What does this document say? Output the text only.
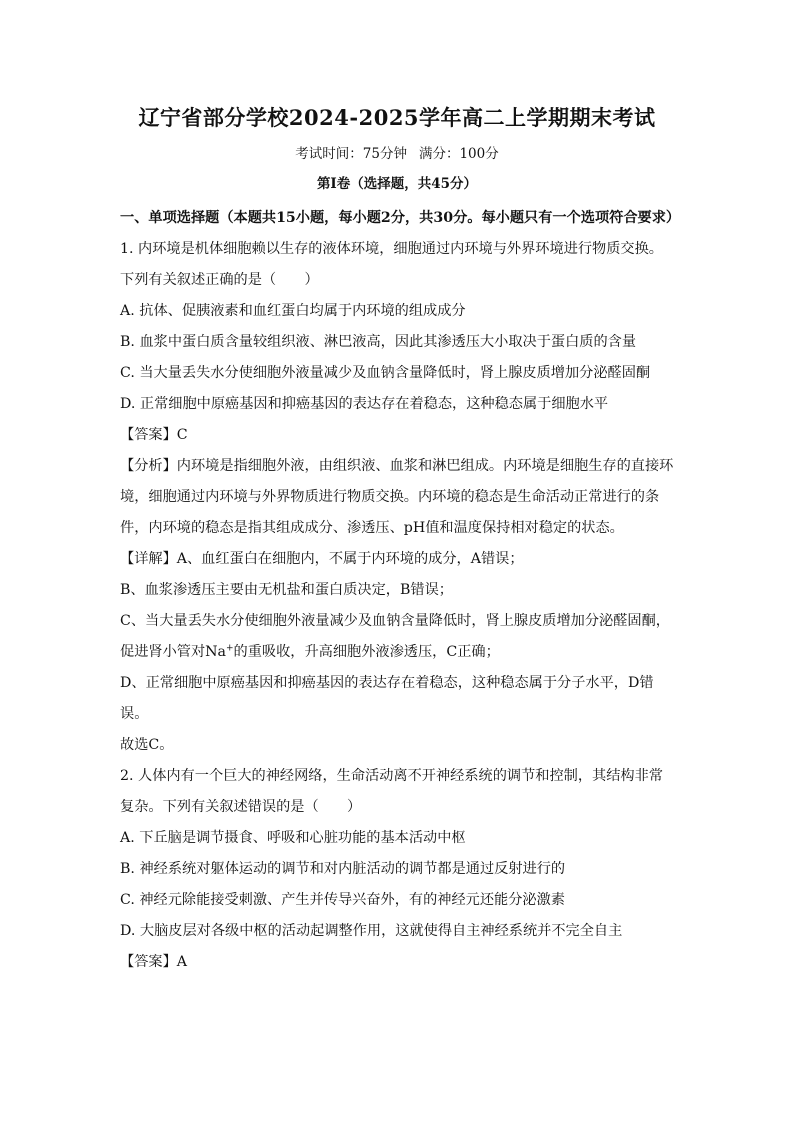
辽宁省部分学校2024-2025学年高二上学期期末考试
考试时间：75分钟 满分：100分
第Ⅰ卷（选择题，共45分）

一、单项选择题（本题共15小题，每小题2分，共30分。每小题只有一个选项符合要求）

1. 内环境是机体细胞赖以生存的液体环境，细胞通过内环境与外界环境进行物质交换。下列有关叙述正确的是（　　）

A. 抗体、促胰液素和血红蛋白均属于内环境的组成成分

B. 血浆中蛋白质含量较组织液、淋巴液高，因此其渗透压大小取决于蛋白质的含量

C. 当大量丢失水分使细胞外液量减少及血钠含量降低时，肾上腺皮质增加分泌醛固酮

D. 正常细胞中原癌基因和抑癌基因的表达存在着稳态，这种稳态属于细胞水平

【答案】C

【分析】内环境是指细胞外液，由组织液、血浆和淋巴组成。内环境是细胞生存的直接环境，细胞通过内环境与外界物质进行物质交换。内环境的稳态是生命活动正常进行的条件，内环境的稳态是指其组成成分、渗透压、pH值和温度保持相对稳定的状态。

【详解】A、血红蛋白在细胞内，不属于内环境的成分，A错误；

B、血浆渗透压主要由无机盐和蛋白质决定，B错误；

C、当大量丢失水分使细胞外液量减少及血钠含量降低时，肾上腺皮质增加分泌醛固酮，促进肾小管对Na+的重吸收，升高细胞外液渗透压，C正确；

D、正常细胞中原癌基因和抑癌基因的表达存在着稳态，这种稳态属于分子水平，D错误。

故选C。

2. 人体内有一个巨大的神经网络，生命活动离不开神经系统的调节和控制，其结构非常复杂。下列有关叙述错误的是（　　）

A. 下丘脑是调节摄食、呼吸和心脏功能的基本活动中枢

B. 神经系统对躯体运动的调节和对内脏活动的调节都是通过反射进行的

C. 神经元除能接受刺激、产生并传导兴奋外，有的神经元还能分泌激素

D. 大脑皮层对各级中枢的活动起调整作用，这就使得自主神经系统并不完全自主

【答案】A
